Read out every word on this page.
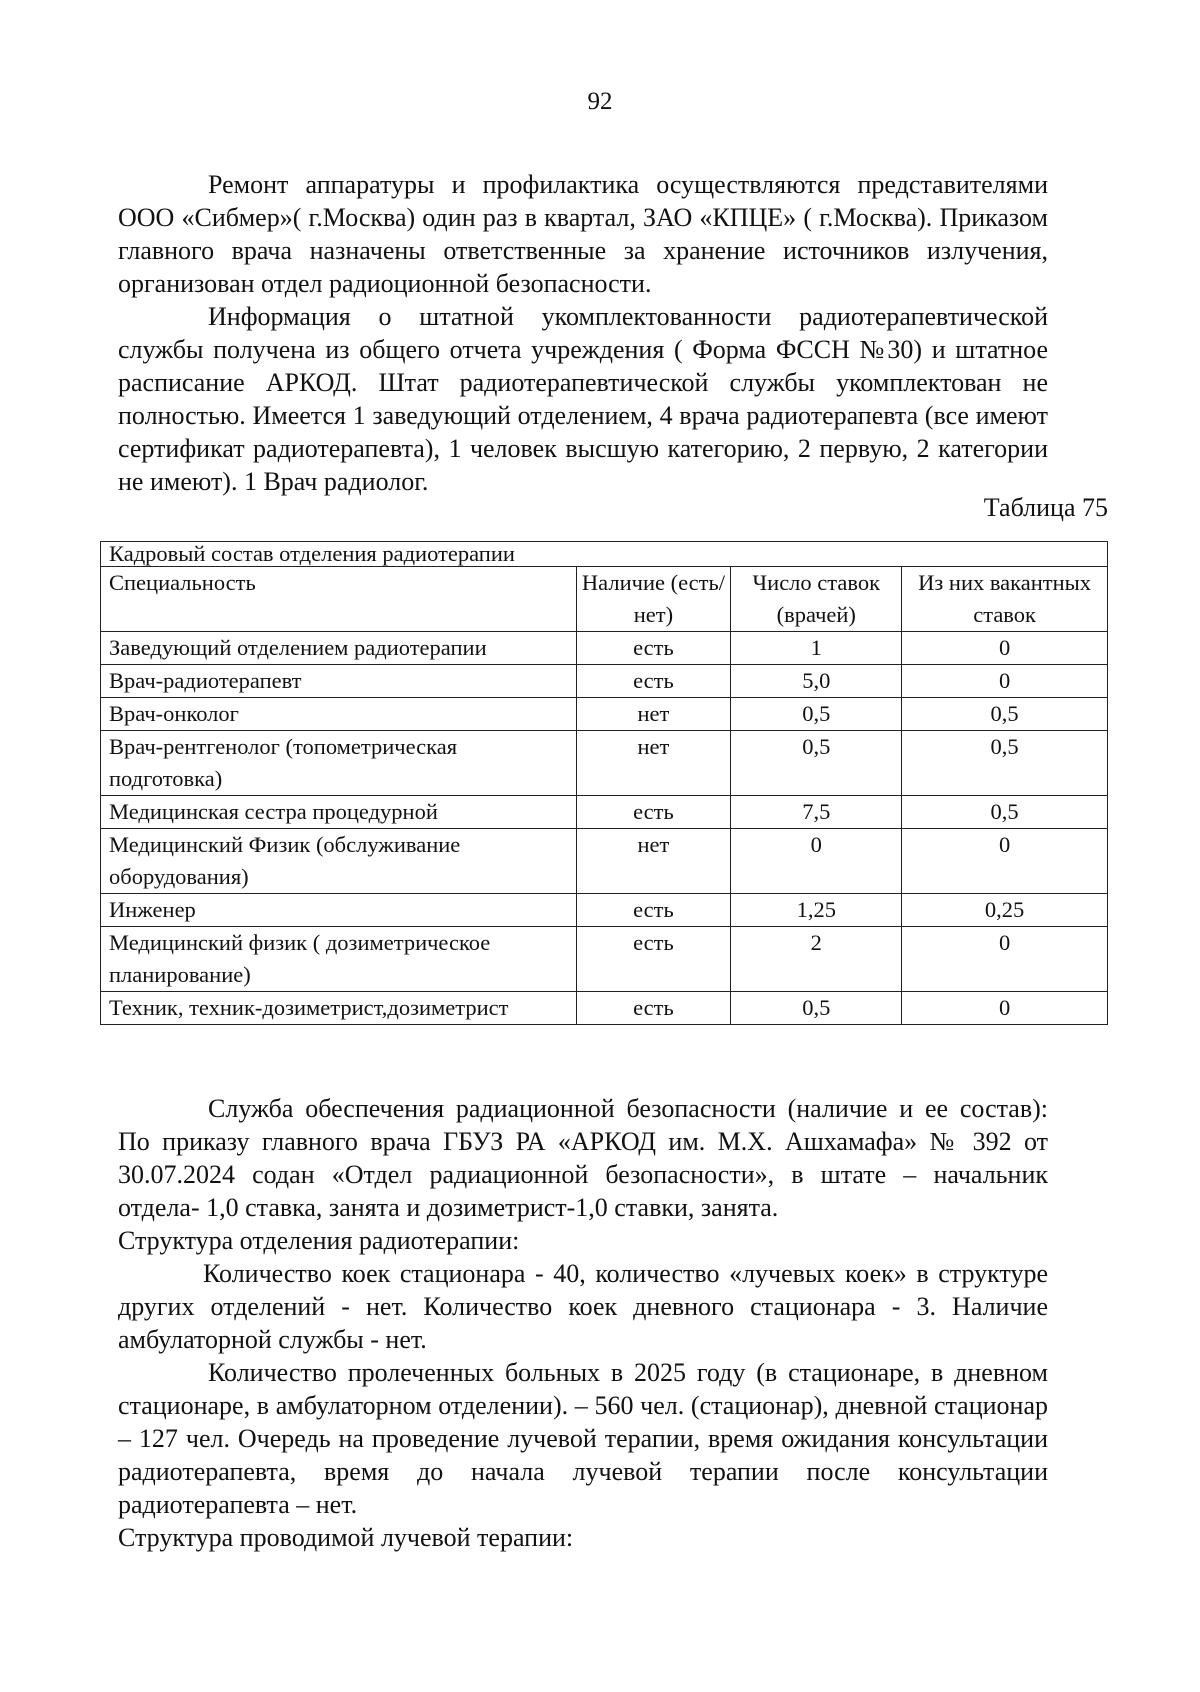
92

Ремонт аппаратуры и профилактика осуществляются представителями ООО «Сибмер»( г.Москва) один раз в квартал, ЗАО «КПЦЕ» ( г.Москва). Приказом главного врача назначены ответственные за хранение источников излучения, организован отдел радиоционной безопасности.

Информация о штатной укомплектованности радиотерапевтической службы получена из общего отчета учреждения ( Форма ФССН №30) и штатное расписание АРКОД. Штат радиотерапевтической службы укомплектован не полностью. Имеется 1 заведующий отделением, 4 врача радиотерапевта (все имеют сертификат радиотерапевта), 1 человек высшую категорию, 2 первую, 2 категории не имеют). 1 Врач радиолог.

Таблица 75
Кадровый состав отделения радиотерапии			
Специальность	Наличие (есть/нет)	Число ставок (врачей)	Из них вакантных ставок
Заведующий отделением радиотерапии	есть	1	0
Врач-радиотерапевт	есть	5,0	0
Врач-онколог	нет	0,5	0,5
Врач-рентгенолог (топометрическая подготовка)	нет	0,5	0,5
Медицинская сестра процедурной	есть	7,5	0,5
Медицинский Физик (обслуживание оборудования)	нет	0	0
Инженер	есть	1,25	0,25
Медицинский физик ( дозиметрическое планирование)	есть	2	0
Техник, техник-дозиметрист,дозиметрист	есть	0,5	0

Служба обеспечения радиационной безопасности (наличие и ее состав): По приказу главного врача ГБУЗ РА «АРКОД им. М.Х. Ашхамафа» № 392 от 30.07.2024 содан «Отдел радиационной безопасности», в штате – начальник отдела- 1,0 ставка, занята и дозиметрист-1,0 ставки, занята.

Структура отделения радиотерапии:

Количество коек стационара - 40, количество «лучевых коек» в структуре других отделений - нет. Количество коек дневного стационара - 3. Наличие амбулаторной службы - нет.

Количество пролеченных больных в 2025 году (в стационаре, в дневном стационаре, в амбулаторном отделении). – 560 чел. (стационар), дневной стационар – 127 чел. Очередь на проведение лучевой терапии, время ожидания консультации радиотерапевта, время до начала лучевой терапии после консультации радиотерапевта – нет.

Структура проводимой лучевой терапии:
